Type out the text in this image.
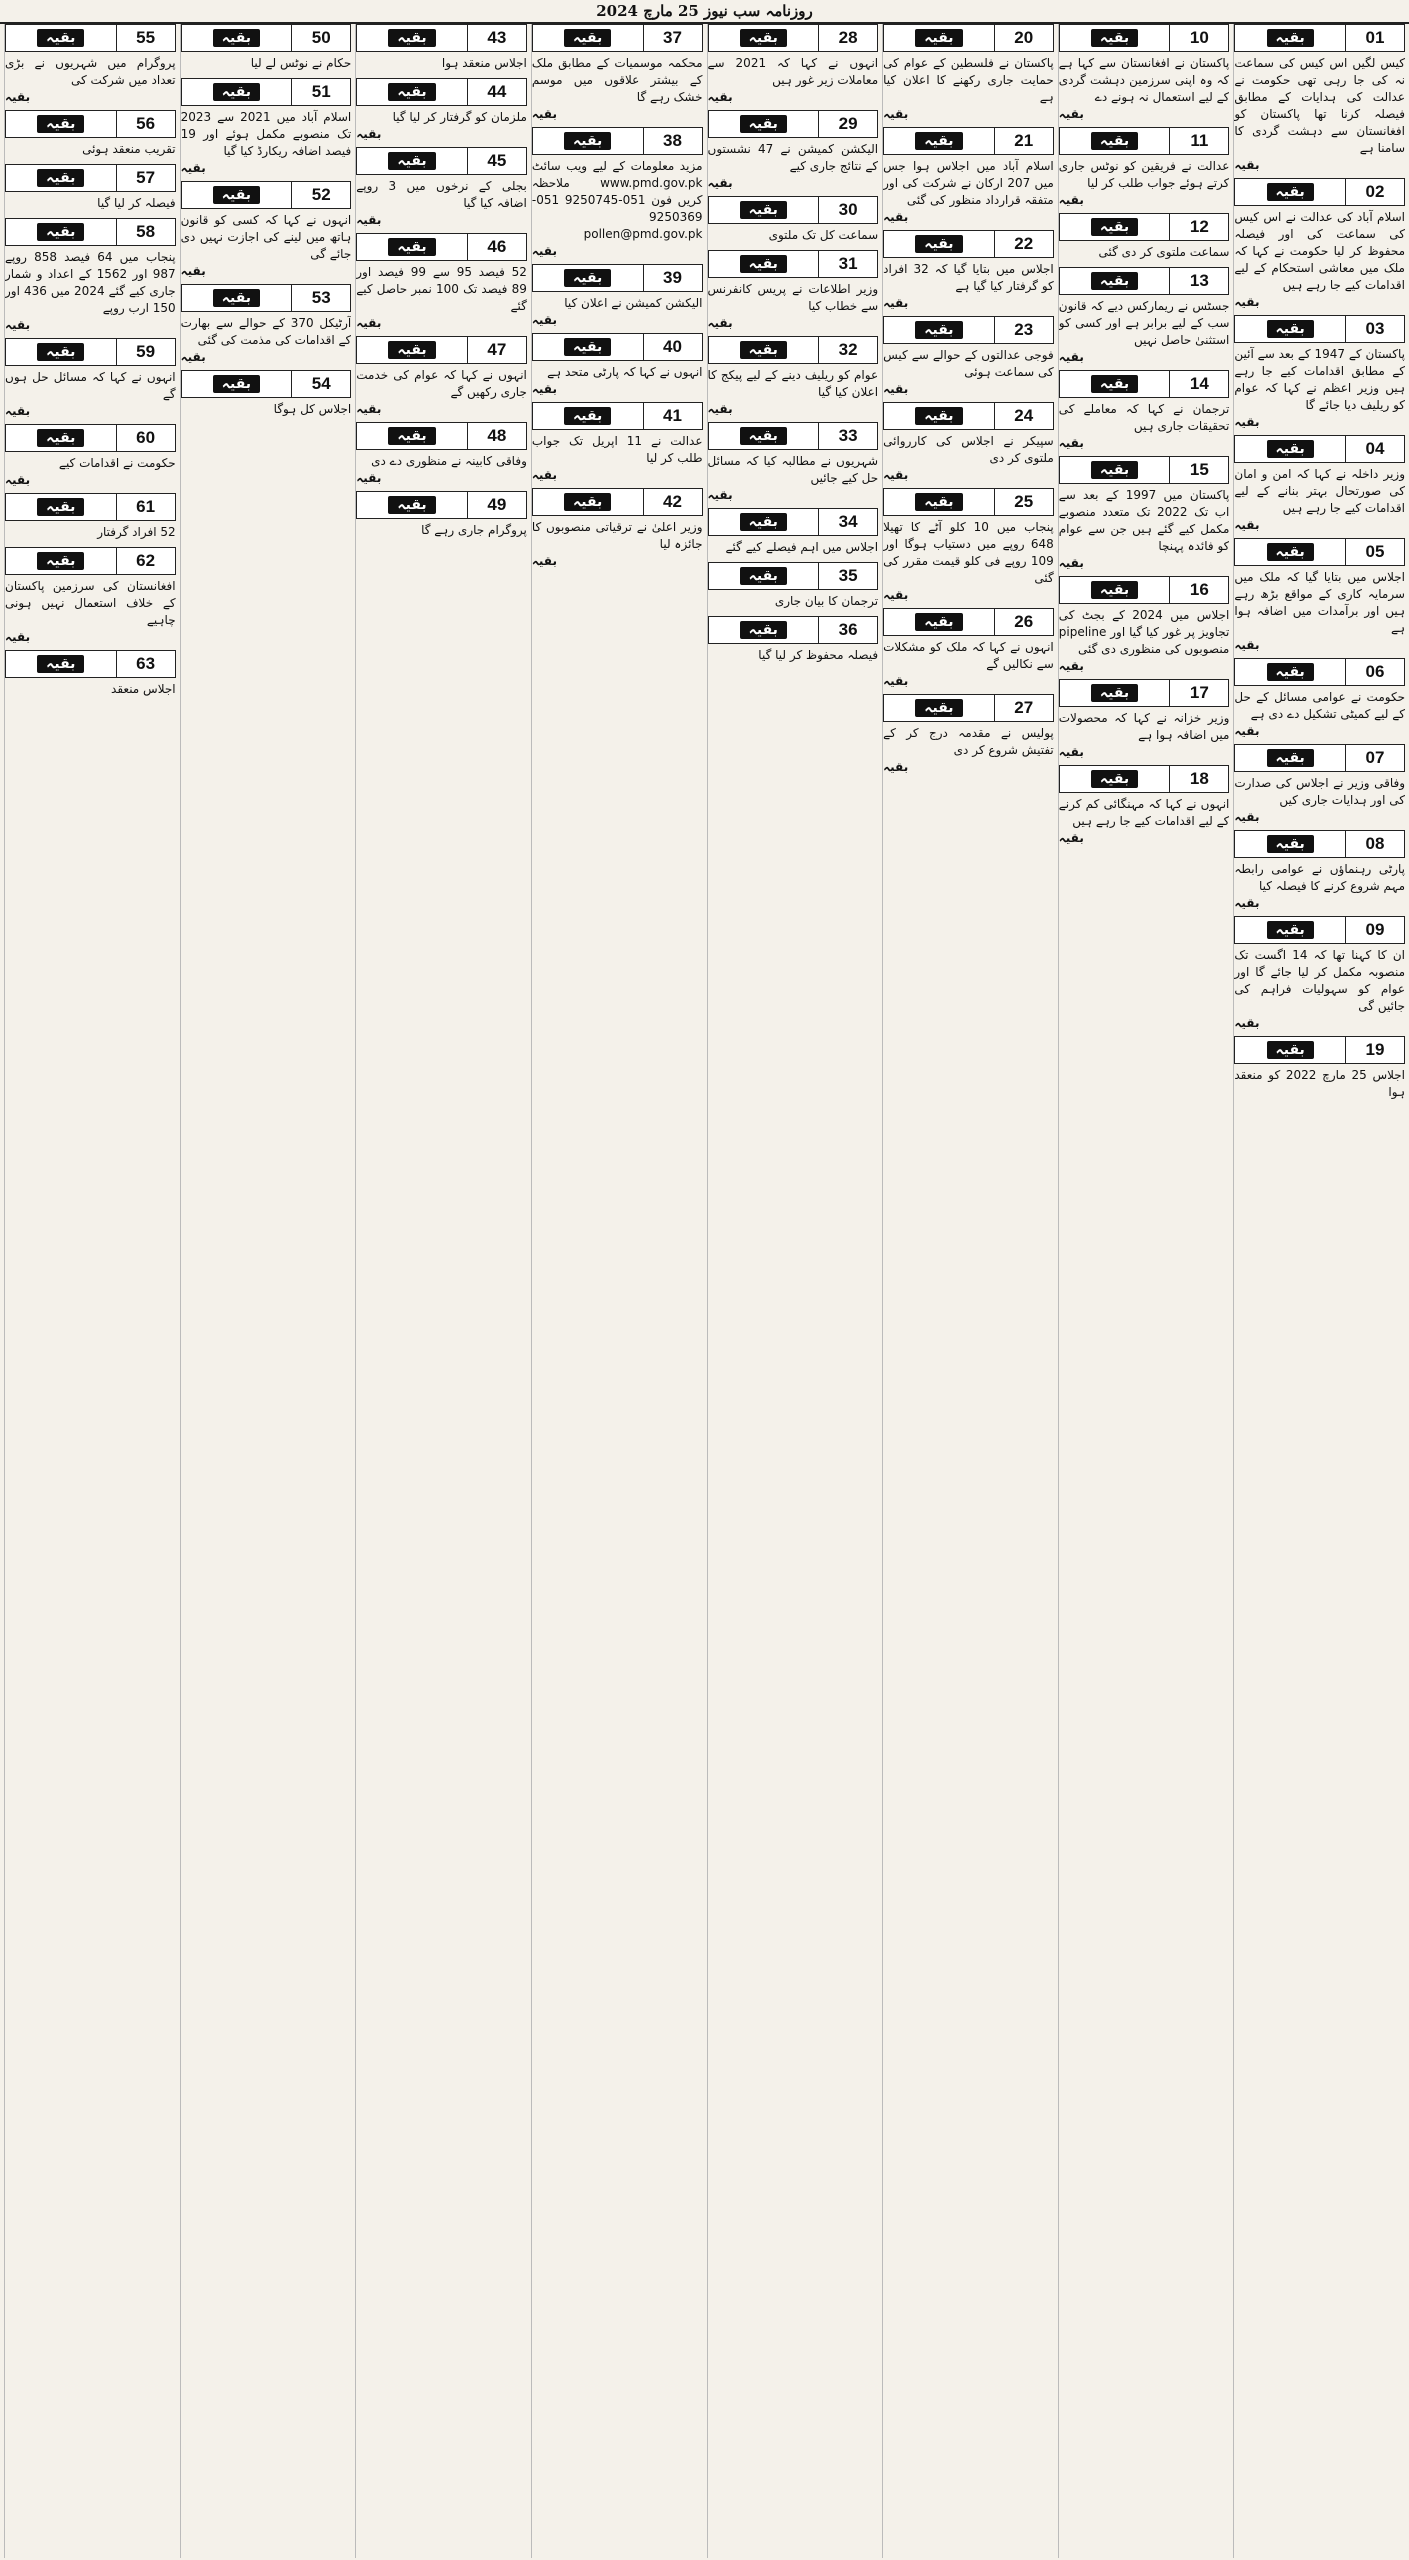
روزنامہ سب نیوز 25 مارچ 2024
01
بقیہ
کیس لگیں اس کیس کی سماعت نہ کی جا رہی تھی حکومت نے عدالت کی ہدایات کے مطابق فیصلہ کرنا تھا پاکستان کو افغانستان سے دہشت گردی کا سامنا ہے
بقیہ
02
بقیہ
اسلام آباد کی عدالت نے اس کیس کی سماعت کی اور فیصلہ محفوظ کر لیا حکومت نے کہا کہ ملک میں معاشی استحکام کے لیے اقدامات کیے جا رہے ہیں
بقیہ
03
بقیہ
پاکستان کے 1947 کے بعد سے آئین کے مطابق اقدامات کیے جا رہے ہیں وزیر اعظم نے کہا کہ عوام کو ریلیف دیا جائے گا
بقیہ
04
بقیہ
وزیر داخلہ نے کہا کہ امن و امان کی صورتحال بہتر بنانے کے لیے اقدامات کیے جا رہے ہیں
بقیہ
05
بقیہ
اجلاس میں بتایا گیا کہ ملک میں سرمایہ کاری کے مواقع بڑھ رہے ہیں اور برآمدات میں اضافہ ہوا ہے
بقیہ
06
بقیہ
حکومت نے عوامی مسائل کے حل کے لیے کمیٹی تشکیل دے دی ہے
بقیہ
07
بقیہ
وفاقی وزیر نے اجلاس کی صدارت کی اور ہدایات جاری کیں
بقیہ
08
بقیہ
پارٹی رہنماؤں نے عوامی رابطہ مہم شروع کرنے کا فیصلہ کیا
بقیہ
09
بقیہ
ان کا کہنا تھا کہ 14 اگست تک منصوبہ مکمل کر لیا جائے گا اور عوام کو سہولیات فراہم کی جائیں گی
بقیہ
19
بقیہ
اجلاس 25 مارچ 2022 کو منعقد ہوا
10
بقیہ
پاکستان نے افغانستان سے کہا ہے کہ وہ اپنی سرزمین دہشت گردی کے لیے استعمال نہ ہونے دے
بقیہ
11
بقیہ
عدالت نے فریقین کو نوٹس جاری کرتے ہوئے جواب طلب کر لیا
بقیہ
12
بقیہ
سماعت ملتوی کر دی گئی
13
بقیہ
جسٹس نے ریمارکس دیے کہ قانون سب کے لیے برابر ہے اور کسی کو استثنیٰ حاصل نہیں
بقیہ
14
بقیہ
ترجمان نے کہا کہ معاملے کی تحقیقات جاری ہیں
بقیہ
15
بقیہ
پاکستان میں 1997 کے بعد سے اب تک 2022 تک متعدد منصوبے مکمل کیے گئے ہیں جن سے عوام کو فائدہ پہنچا
بقیہ
16
بقیہ
اجلاس میں 2024 کے بجٹ کی تجاویز پر غور کیا گیا اور pipeline منصوبوں کی منظوری دی گئی
بقیہ
17
بقیہ
وزیر خزانہ نے کہا کہ محصولات میں اضافہ ہوا ہے
بقیہ
18
بقیہ
انہوں نے کہا کہ مہنگائی کم کرنے کے لیے اقدامات کیے جا رہے ہیں
بقیہ
20
بقیہ
پاکستان نے فلسطین کے عوام کی حمایت جاری رکھنے کا اعلان کیا ہے
بقیہ
21
بقیہ
اسلام آباد میں اجلاس ہوا جس میں 207 ارکان نے شرکت کی اور متفقہ قرارداد منظور کی گئی
بقیہ
22
بقیہ
اجلاس میں بتایا گیا کہ 32 افراد کو گرفتار کیا گیا ہے
بقیہ
23
بقیہ
فوجی عدالتوں کے حوالے سے کیس کی سماعت ہوئی
بقیہ
24
بقیہ
سپیکر نے اجلاس کی کارروائی ملتوی کر دی
بقیہ
25
بقیہ
پنجاب میں 10 کلو آٹے کا تھیلا 648 روپے میں دستیاب ہوگا اور 109 روپے فی کلو قیمت مقرر کی گئی
بقیہ
26
بقیہ
انہوں نے کہا کہ ملک کو مشکلات سے نکالیں گے
بقیہ
27
بقیہ
پولیس نے مقدمہ درج کر کے تفتیش شروع کر دی
بقیہ
28
بقیہ
انہوں نے کہا کہ 2021 سے معاملات زیر غور ہیں
بقیہ
29
بقیہ
الیکشن کمیشن نے 47 نشستوں کے نتائج جاری کیے
بقیہ
30
بقیہ
سماعت کل تک ملتوی
31
بقیہ
وزیر اطلاعات نے پریس کانفرنس سے خطاب کیا
بقیہ
32
بقیہ
عوام کو ریلیف دینے کے لیے پیکج کا اعلان کیا گیا
بقیہ
33
بقیہ
شہریوں نے مطالبہ کیا کہ مسائل حل کیے جائیں
بقیہ
34
بقیہ
اجلاس میں اہم فیصلے کیے گئے
35
بقیہ
ترجمان کا بیان جاری
36
بقیہ
فیصلہ محفوظ کر لیا گیا
37
بقیہ
محکمہ موسمیات کے مطابق ملک کے بیشتر علاقوں میں موسم خشک رہے گا
بقیہ
38
بقیہ
مزید معلومات کے لیے ویب سائٹ www.pmd.gov.pk ملاحظہ کریں فون 051-9250745 051-9250369 pollen@pmd.gov.pk
بقیہ
39
بقیہ
الیکشن کمیشن نے اعلان کیا
بقیہ
40
بقیہ
انہوں نے کہا کہ پارٹی متحد ہے
بقیہ
41
بقیہ
عدالت نے 11 اپریل تک جواب طلب کر لیا
بقیہ
42
بقیہ
وزیر اعلیٰ نے ترقیاتی منصوبوں کا جائزہ لیا
بقیہ
43
بقیہ
اجلاس منعقد ہوا
44
بقیہ
ملزمان کو گرفتار کر لیا گیا
بقیہ
45
بقیہ
بجلی کے نرخوں میں 3 روپے اضافہ کیا گیا
بقیہ
46
بقیہ
52 فیصد 95 سے 99 فیصد اور 89 فیصد تک 100 نمبر حاصل کیے گئے
بقیہ
47
بقیہ
انہوں نے کہا کہ عوام کی خدمت جاری رکھیں گے
بقیہ
48
بقیہ
وفاقی کابینہ نے منظوری دے دی
بقیہ
49
بقیہ
پروگرام جاری رہے گا
50
بقیہ
حکام نے نوٹس لے لیا
51
بقیہ
اسلام آباد میں 2021 سے 2023 تک منصوبے مکمل ہوئے اور 19 فیصد اضافہ ریکارڈ کیا گیا
بقیہ
52
بقیہ
انہوں نے کہا کہ کسی کو قانون ہاتھ میں لینے کی اجازت نہیں دی جائے گی
بقیہ
53
بقیہ
آرٹیکل 370 کے حوالے سے بھارت کے اقدامات کی مذمت کی گئی
بقیہ
54
بقیہ
اجلاس کل ہوگا
55
بقیہ
پروگرام میں شہریوں نے بڑی تعداد میں شرکت کی
بقیہ
56
بقیہ
تقریب منعقد ہوئی
57
بقیہ
فیصلہ کر لیا گیا
58
بقیہ
پنجاب میں 64 فیصد 858 روپے 987 اور 1562 کے اعداد و شمار جاری کیے گئے 2024 میں 436 اور 150 ارب روپے
بقیہ
59
بقیہ
انہوں نے کہا کہ مسائل حل ہوں گے
بقیہ
60
بقیہ
حکومت نے اقدامات کیے
بقیہ
61
بقیہ
52 افراد گرفتار
62
بقیہ
افغانستان کی سرزمین پاکستان کے خلاف استعمال نہیں ہونی چاہیے
بقیہ
63
بقیہ
اجلاس منعقد
